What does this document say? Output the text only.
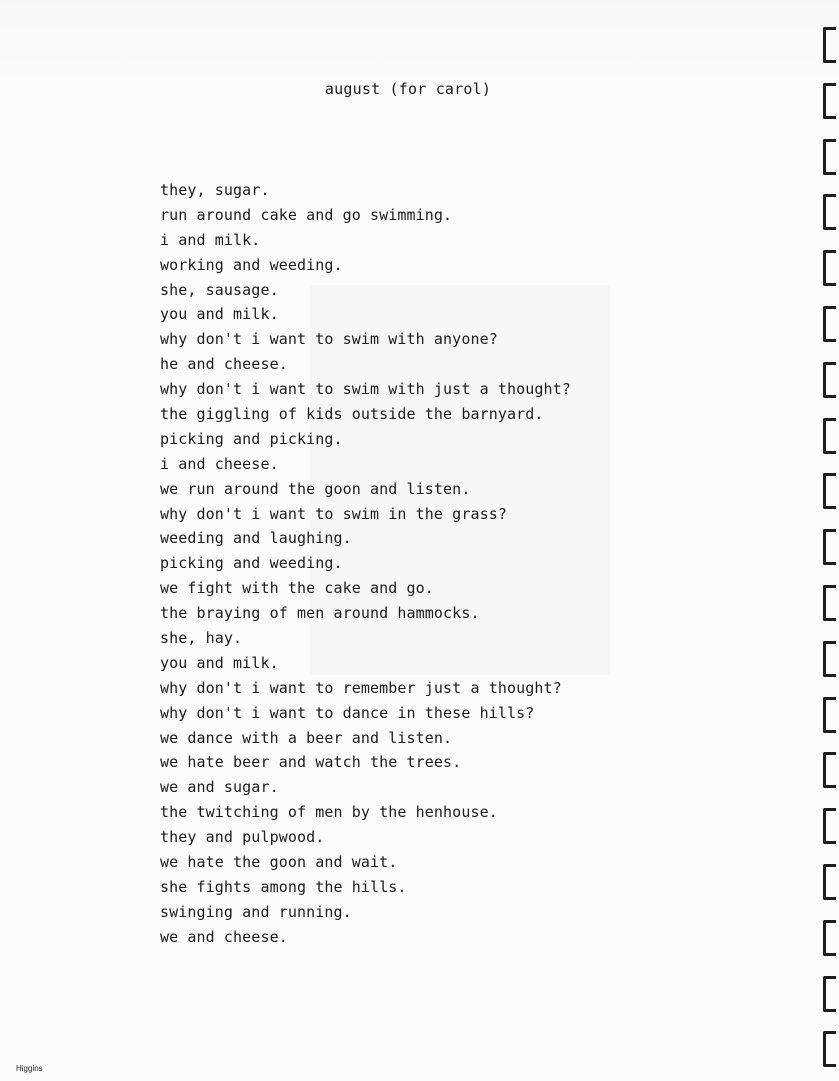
august (for carol)
they, sugar.
run around cake and go swimming.
i and milk.
working and weeding.
she, sausage.
you and milk.
why don't i want to swim with anyone?
he and cheese.
why don't i want to swim with just a thought?
the giggling of kids outside the barnyard.
picking and picking.
i and cheese.
we run around the goon and listen.
why don't i want to swim in the grass?
weeding and laughing.
picking and weeding.
we fight with the cake and go.
the braying of men around hammocks.
she, hay.
you and milk.
why don't i want to remember just a thought?
why don't i want to dance in these hills?
we dance with a beer and listen.
we hate beer and watch the trees.
we and sugar.
the twitching of men by the henhouse.
they and pulpwood.
we hate the goon and wait.
she fights among the hills.
swinging and running.
we and cheese.
Higgins
